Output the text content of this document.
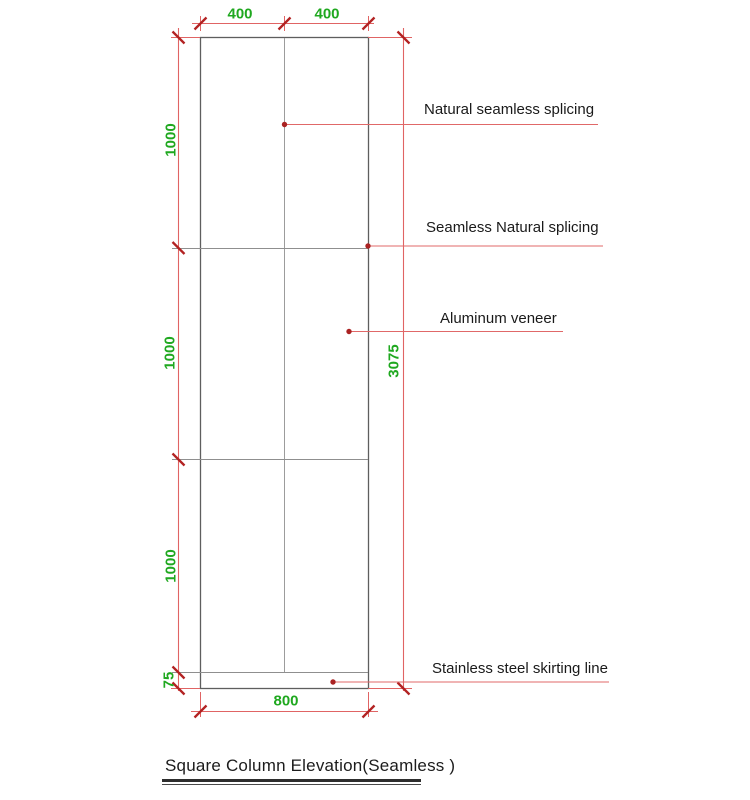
400	400
1000
1000
1000
75
3075
800
Natural seamless splicing
Seamless Natural splicing
Aluminum veneer
Stainless steel skirting line
Square Column Elevation(Seamless )
